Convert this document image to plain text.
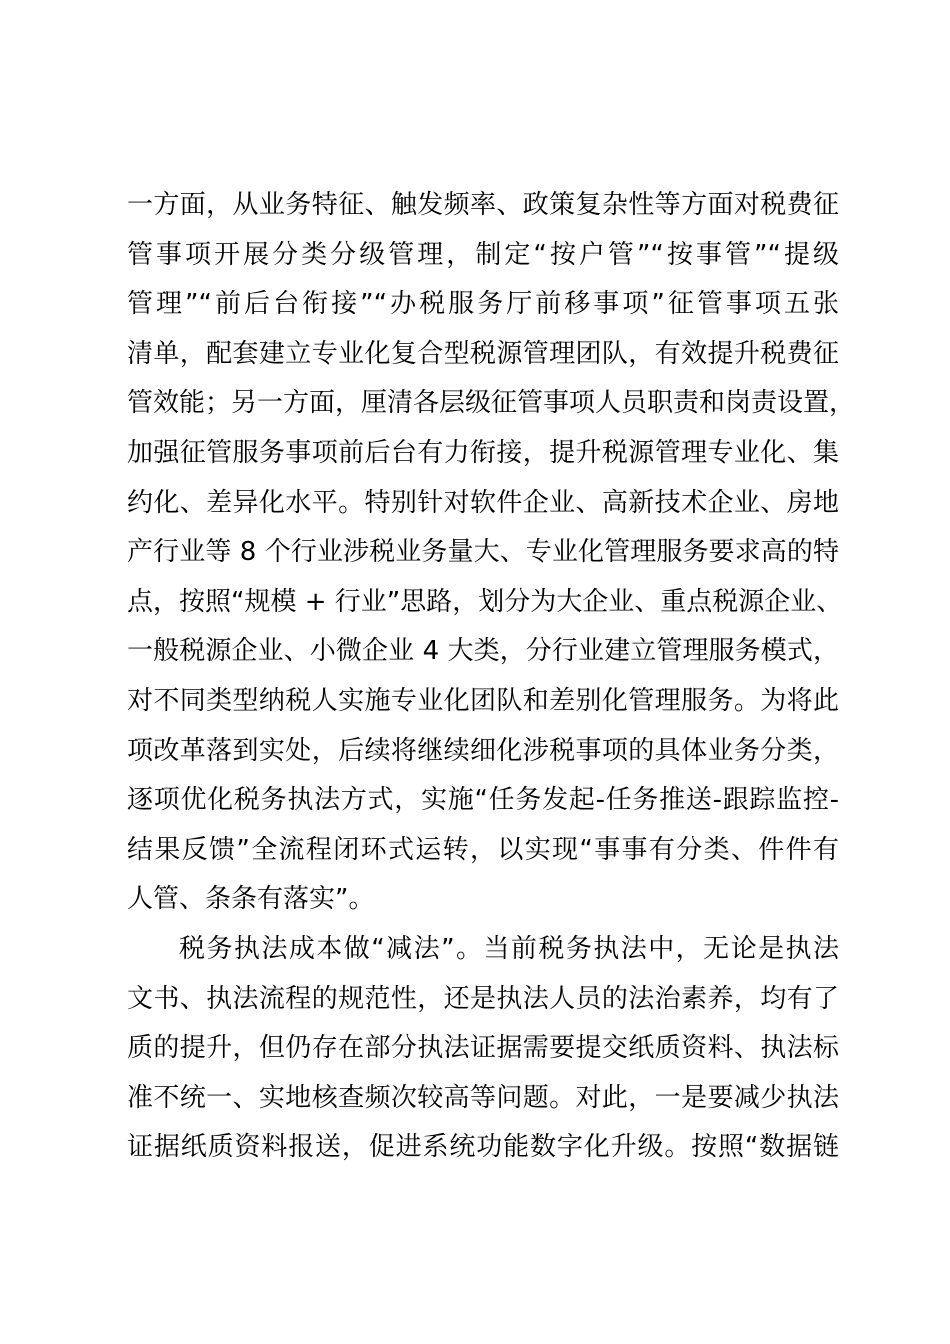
一方面，从业务特征、触发频率、政策复杂性等方面对税费征
管事项开展分类分级管理，制定“按户管”“按事管”“提级
管理”“前后台衔接”“办税服务厅前移事项”征管事项五张
清单，配套建立专业化复合型税源管理团队，有效提升税费征
管效能；另一方面，厘清各层级征管事项人员职责和岗责设置，
加强征管服务事项前后台有力衔接，提升税源管理专业化、集
约化、差异化水平。特别针对软件企业、高新技术企业、房地
产行业等 8 个行业涉税业务量大、专业化管理服务要求高的特
点，按照“规模 + 行业”思路，划分为大企业、重点税源企业、
一般税源企业、小微企业 4 大类，分行业建立管理服务模式，
对不同类型纳税人实施专业化团队和差别化管理服务。为将此
项改革落到实处，后续将继续细化涉税事项的具体业务分类，
逐项优化税务执法方式，实施“任务发起-任务推送-跟踪监控-
结果反馈”全流程闭环式运转，以实现“事事有分类、件件有
人管、条条有落实”。
税务执法成本做“减法”。当前税务执法中，无论是执法
文书、执法流程的规范性，还是执法人员的法治素养，均有了
质的提升，但仍存在部分执法证据需要提交纸质资料、执法标
准不统一、实地核查频次较高等问题。对此，一是要减少执法
证据纸质资料报送，促进系统功能数字化升级。按照“数据链
